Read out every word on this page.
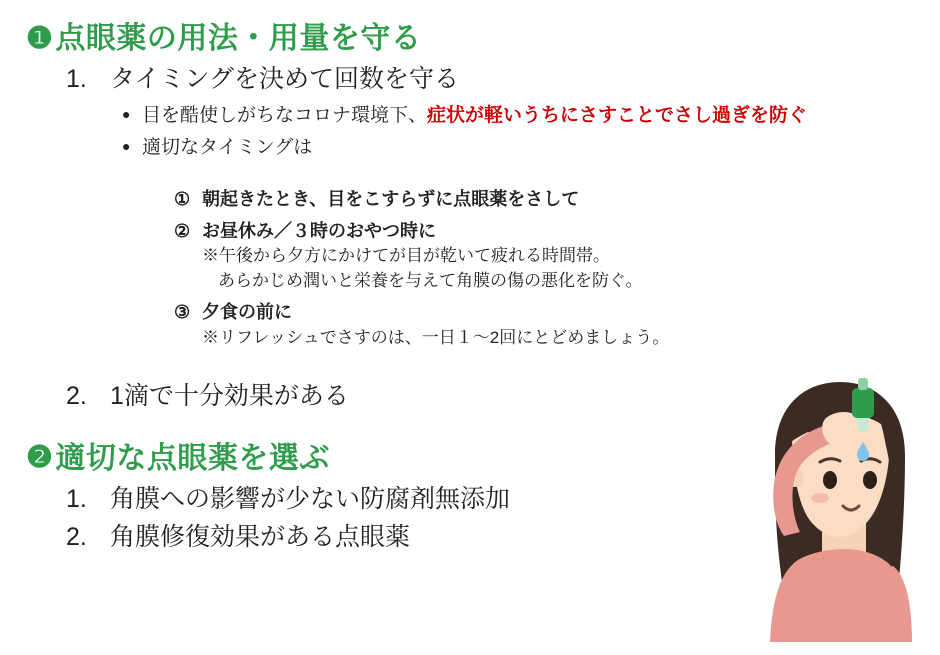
❶ 点眼薬の用法・用量を守る
1. タイミングを決めて回数を守る
● 目を酷使しがちなコロナ環境下、症状が軽いうちにさすことでさし過ぎを防ぐ
● 適切なタイミングは
① 朝起きたとき、目をこすらずに点眼薬をさして
② お昼休み／３時のおやつ時に
※午後から夕方にかけてが目が乾いて疲れる時間帯。
あらかじめ潤いと栄養を与えて角膜の傷の悪化を防ぐ。
③ 夕食の前に
※リフレッシュでさすのは、一日１〜2回にとどめましょう。
2. 1滴で十分効果がある
❷ 適切な点眼薬を選ぶ
1. 角膜への影響が少ない防腐剤無添加
2. 角膜修復効果がある点眼薬
